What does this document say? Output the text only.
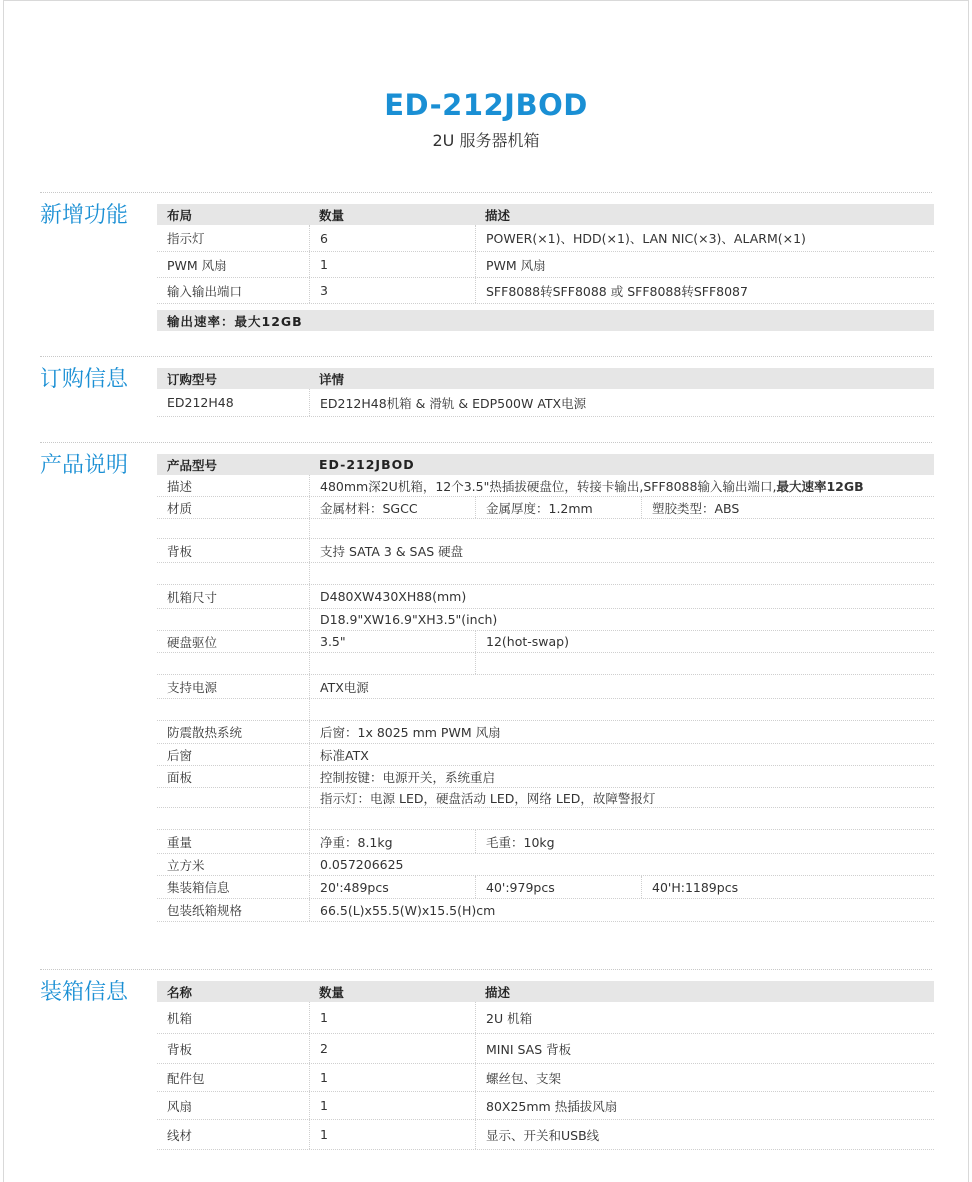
ED-212JBOD
2U 服务器机箱
新增功能	布局	数量	描述
指示灯	6	POWER(×1)、HDD(×1)、LAN NIC(×3)、ALARM(×1)
PWM 风扇	1	PWM 风扇
输入输出端口	3	SFF8088转SFF8088 或 SFF8088转SFF8087
输出速率：最大12GB
订购信息	订购型号	详情
ED212H48	ED212H48机箱 & 滑轨 & EDP500W ATX电源
产品说明	产品型号	ED-212JBOD
描述	480mm深2U机箱，12个3.5"热插拔硬盘位，转接卡输出,SFF8088输入输出端口, 最大速率12GB
材质	金属材料：SGCC	金属厚度：1.2mm	塑胶类型：ABS
背板	支持 SATA 3 & SAS 硬盘
机箱尺寸	D480XW430XH88(mm)
D18.9"XW16.9"XH3.5"(inch)
硬盘驱位	3.5"	12(hot-swap)
支持电源	ATX电源
防震散热系统	后窗：1x 8025 mm PWM 风扇
后窗	标准ATX
面板	控制按键：电源开关，系统重启
指示灯：电源 LED，硬盘活动 LED，网络 LED，故障警报灯
重量	净重：8.1kg	毛重：10kg
立方米	0.057206625
集装箱信息	20':489pcs	40':979pcs	40'H:1189pcs
包装纸箱规格	66.5(L)x55.5(W)x15.5(H)cm
装箱信息	名称	数量	描述
机箱	1	2U 机箱
背板	2	MINI SAS 背板
配件包	1	螺丝包、支架
风扇	1	80X25mm 热插拔风扇
线材	1	显示、开关和USB线
